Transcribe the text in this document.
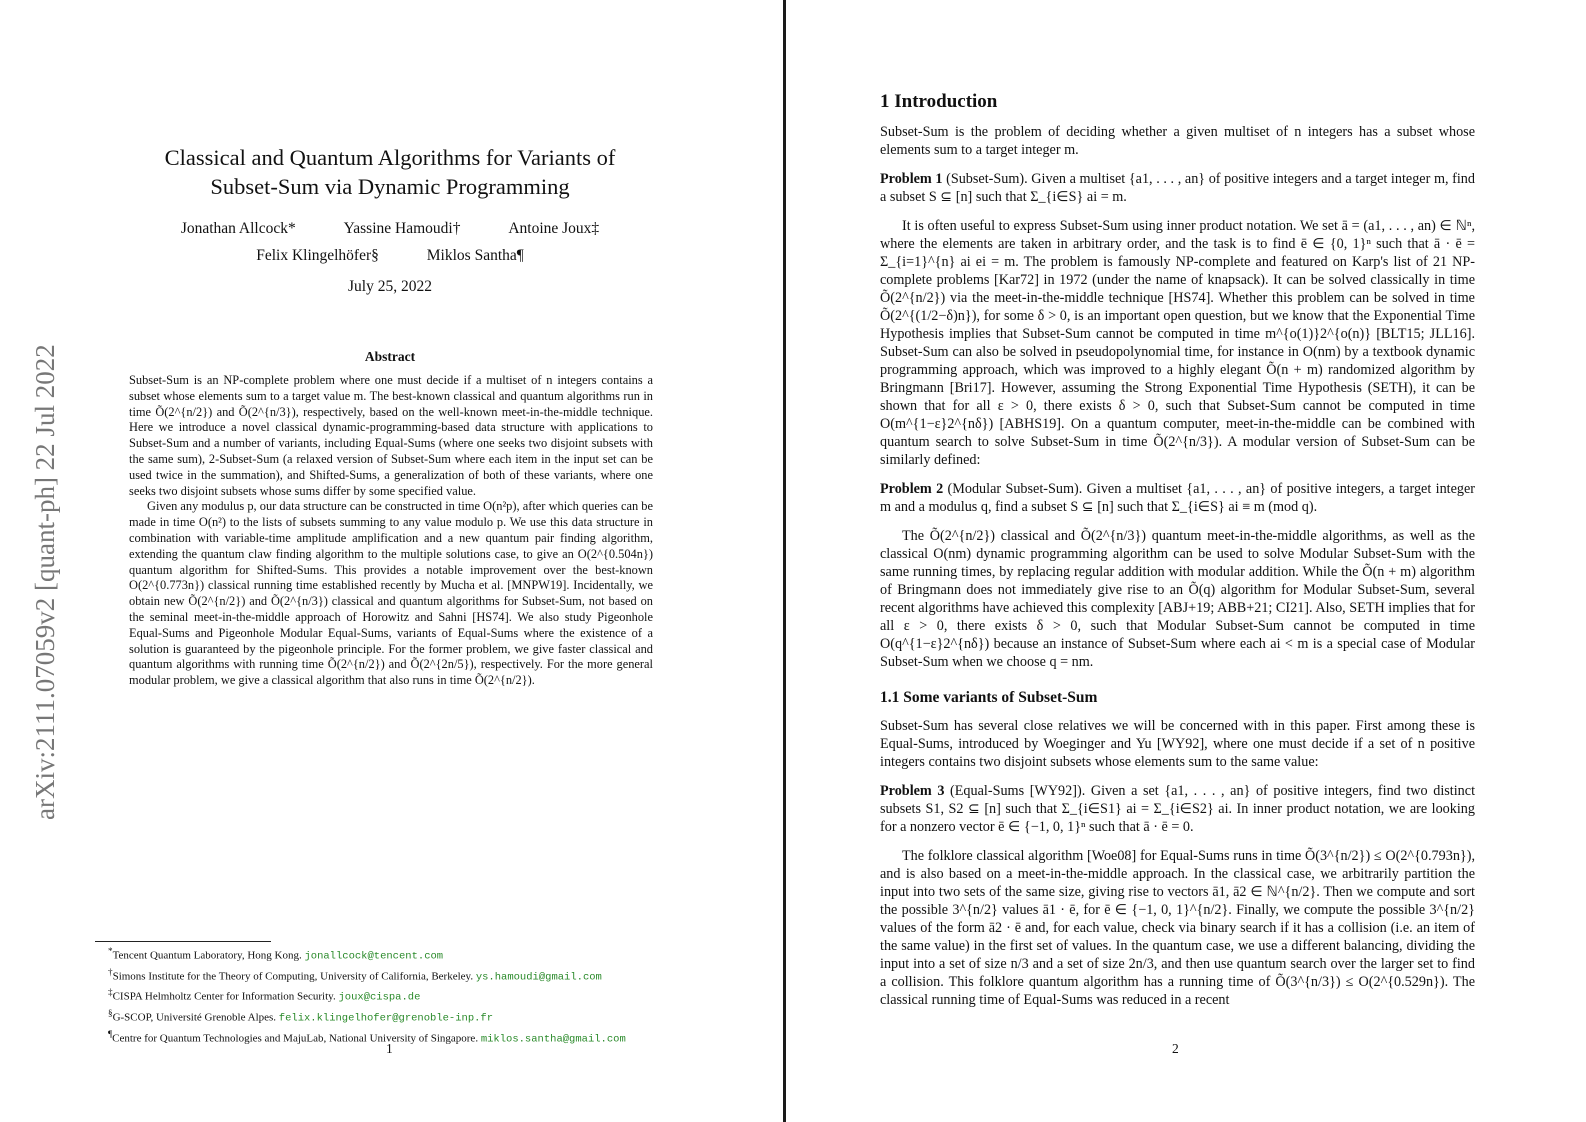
arXiv:2111.07059v2 [quant-ph] 22 Jul 2022
Classical and Quantum Algorithms for Variants of
Subset-Sum via Dynamic Programming
Jonathan Allcock*	Yassine Hamoudi†	Antoine Joux‡
Felix Klingelhöfer§	Miklos Santha¶
July 25, 2022
Abstract

Subset-Sum is an NP-complete problem where one must decide if a multiset of n integers contains a subset whose elements sum to a target value m. The best-known classical and quantum algorithms run in time Õ(2^{n/2}) and Õ(2^{n/3}), respectively, based on the well-known meet-in-the-middle technique. Here we introduce a novel classical dynamic-programming-based data structure with applications to Subset-Sum and a number of variants, including Equal-Sums (where one seeks two disjoint subsets with the same sum), 2-Subset-Sum (a relaxed version of Subset-Sum where each item in the input set can be used twice in the summation), and Shifted-Sums, a generalization of both of these variants, where one seeks two disjoint subsets whose sums differ by some specified value.

Given any modulus p, our data structure can be constructed in time O(n²p), after which queries can be made in time O(n²) to the lists of subsets summing to any value modulo p. We use this data structure in combination with variable-time amplitude amplification and a new quantum pair finding algorithm, extending the quantum claw finding algorithm to the multiple solutions case, to give an O(2^{0.504n}) quantum algorithm for Shifted-Sums. This provides a notable improvement over the best-known O(2^{0.773n}) classical running time established recently by Mucha et al. [MNPW19]. Incidentally, we obtain new Õ(2^{n/2}) and Õ(2^{n/3}) classical and quantum algorithms for Subset-Sum, not based on the seminal meet-in-the-middle approach of Horowitz and Sahni [HS74]. We also study Pigeonhole Equal-Sums and Pigeonhole Modular Equal-Sums, variants of Equal-Sums where the existence of a solution is guaranteed by the pigeonhole principle. For the former problem, we give faster classical and quantum algorithms with running time Õ(2^{n/2}) and Õ(2^{2n/5}), respectively. For the more general modular problem, we give a classical algorithm that also runs in time Õ(2^{n/2}).

*Tencent Quantum Laboratory, Hong Kong. jonallcock@tencent.com
†Simons Institute for the Theory of Computing, University of California, Berkeley. ys.hamoudi@gmail.com
‡CISPA Helmholtz Center for Information Security. joux@cispa.de
§G-SCOP, Université Grenoble Alpes. felix.klingelhofer@grenoble-inp.fr
¶Centre for Quantum Technologies and MajuLab, National University of Singapore. miklos.santha@gmail.com
1

1 Introduction

Subset-Sum is the problem of deciding whether a given multiset of n integers has a subset whose elements sum to a target integer m.

Problem 1 (Subset-Sum). Given a multiset {a1, . . . , an} of positive integers and a target integer m, find a subset S ⊆ [n] such that Σ_{i∈S} ai = m.

It is often useful to express Subset-Sum using inner product notation. We set ā = (a1, . . . , an) ∈ ℕⁿ, where the elements are taken in arbitrary order, and the task is to find ē ∈ {0, 1}ⁿ such that ā · ē = Σ_{i=1}^{n} ai ei = m. The problem is famously NP-complete and featured on Karp's list of 21 NP-complete problems [Kar72] in 1972 (under the name of knapsack). It can be solved classically in time Õ(2^{n/2}) via the meet-in-the-middle technique [HS74]. Whether this problem can be solved in time Õ(2^{(1/2−δ)n}), for some δ > 0, is an important open question, but we know that the Exponential Time Hypothesis implies that Subset-Sum cannot be computed in time m^{o(1)}2^{o(n)} [BLT15; JLL16]. Subset-Sum can also be solved in pseudopolynomial time, for instance in O(nm) by a textbook dynamic programming approach, which was improved to a highly elegant Õ(n + m) randomized algorithm by Bringmann [Bri17]. However, assuming the Strong Exponential Time Hypothesis (SETH), it can be shown that for all ε > 0, there exists δ > 0, such that Subset-Sum cannot be computed in time O(m^{1−ε}2^{nδ}) [ABHS19]. On a quantum computer, meet-in-the-middle can be combined with quantum search to solve Subset-Sum in time Õ(2^{n/3}). A modular version of Subset-Sum can be similarly defined:

Problem 2 (Modular Subset-Sum). Given a multiset {a1, . . . , an} of positive integers, a target integer m and a modulus q, find a subset S ⊆ [n] such that Σ_{i∈S} ai ≡ m (mod q).

The Õ(2^{n/2}) classical and Õ(2^{n/3}) quantum meet-in-the-middle algorithms, as well as the classical O(nm) dynamic programming algorithm can be used to solve Modular Subset-Sum with the same running times, by replacing regular addition with modular addition. While the Õ(n + m) algorithm of Bringmann does not immediately give rise to an Õ(q) algorithm for Modular Subset-Sum, several recent algorithms have achieved this complexity [ABJ+19; ABB+21; CI21]. Also, SETH implies that for all ε > 0, there exists δ > 0, such that Modular Subset-Sum cannot be computed in time O(q^{1−ε}2^{nδ}) because an instance of Subset-Sum where each ai < m is a special case of Modular Subset-Sum when we choose q = nm.

1.1 Some variants of Subset-Sum

Subset-Sum has several close relatives we will be concerned with in this paper. First among these is Equal-Sums, introduced by Woeginger and Yu [WY92], where one must decide if a set of n positive integers contains two disjoint subsets whose elements sum to the same value:

Problem 3 (Equal-Sums [WY92]). Given a set {a1, . . . , an} of positive integers, find two distinct subsets S1, S2 ⊆ [n] such that Σ_{i∈S1} ai = Σ_{i∈S2} ai. In inner product notation, we are looking for a nonzero vector ē ∈ {−1, 0, 1}ⁿ such that ā · ē = 0.

The folklore classical algorithm [Woe08] for Equal-Sums runs in time Õ(3^{n/2}) ≤ O(2^{0.793n}), and is also based on a meet-in-the-middle approach. In the classical case, we arbitrarily partition the input into two sets of the same size, giving rise to vectors ā1, ā2 ∈ ℕ^{n/2}. Then we compute and sort the possible 3^{n/2} values ā1 · ē, for ē ∈ {−1, 0, 1}^{n/2}. Finally, we compute the possible 3^{n/2} values of the form ā2 · ē and, for each value, check via binary search if it has a collision (i.e. an item of the same value) in the first set of values. In the quantum case, we use a different balancing, dividing the input into a set of size n/3 and a set of size 2n/3, and then use quantum search over the larger set to find a collision. This folklore quantum algorithm has a running time of Õ(3^{n/3}) ≤ O(2^{0.529n}). The classical running time of Equal-Sums was reduced in a recent

2
